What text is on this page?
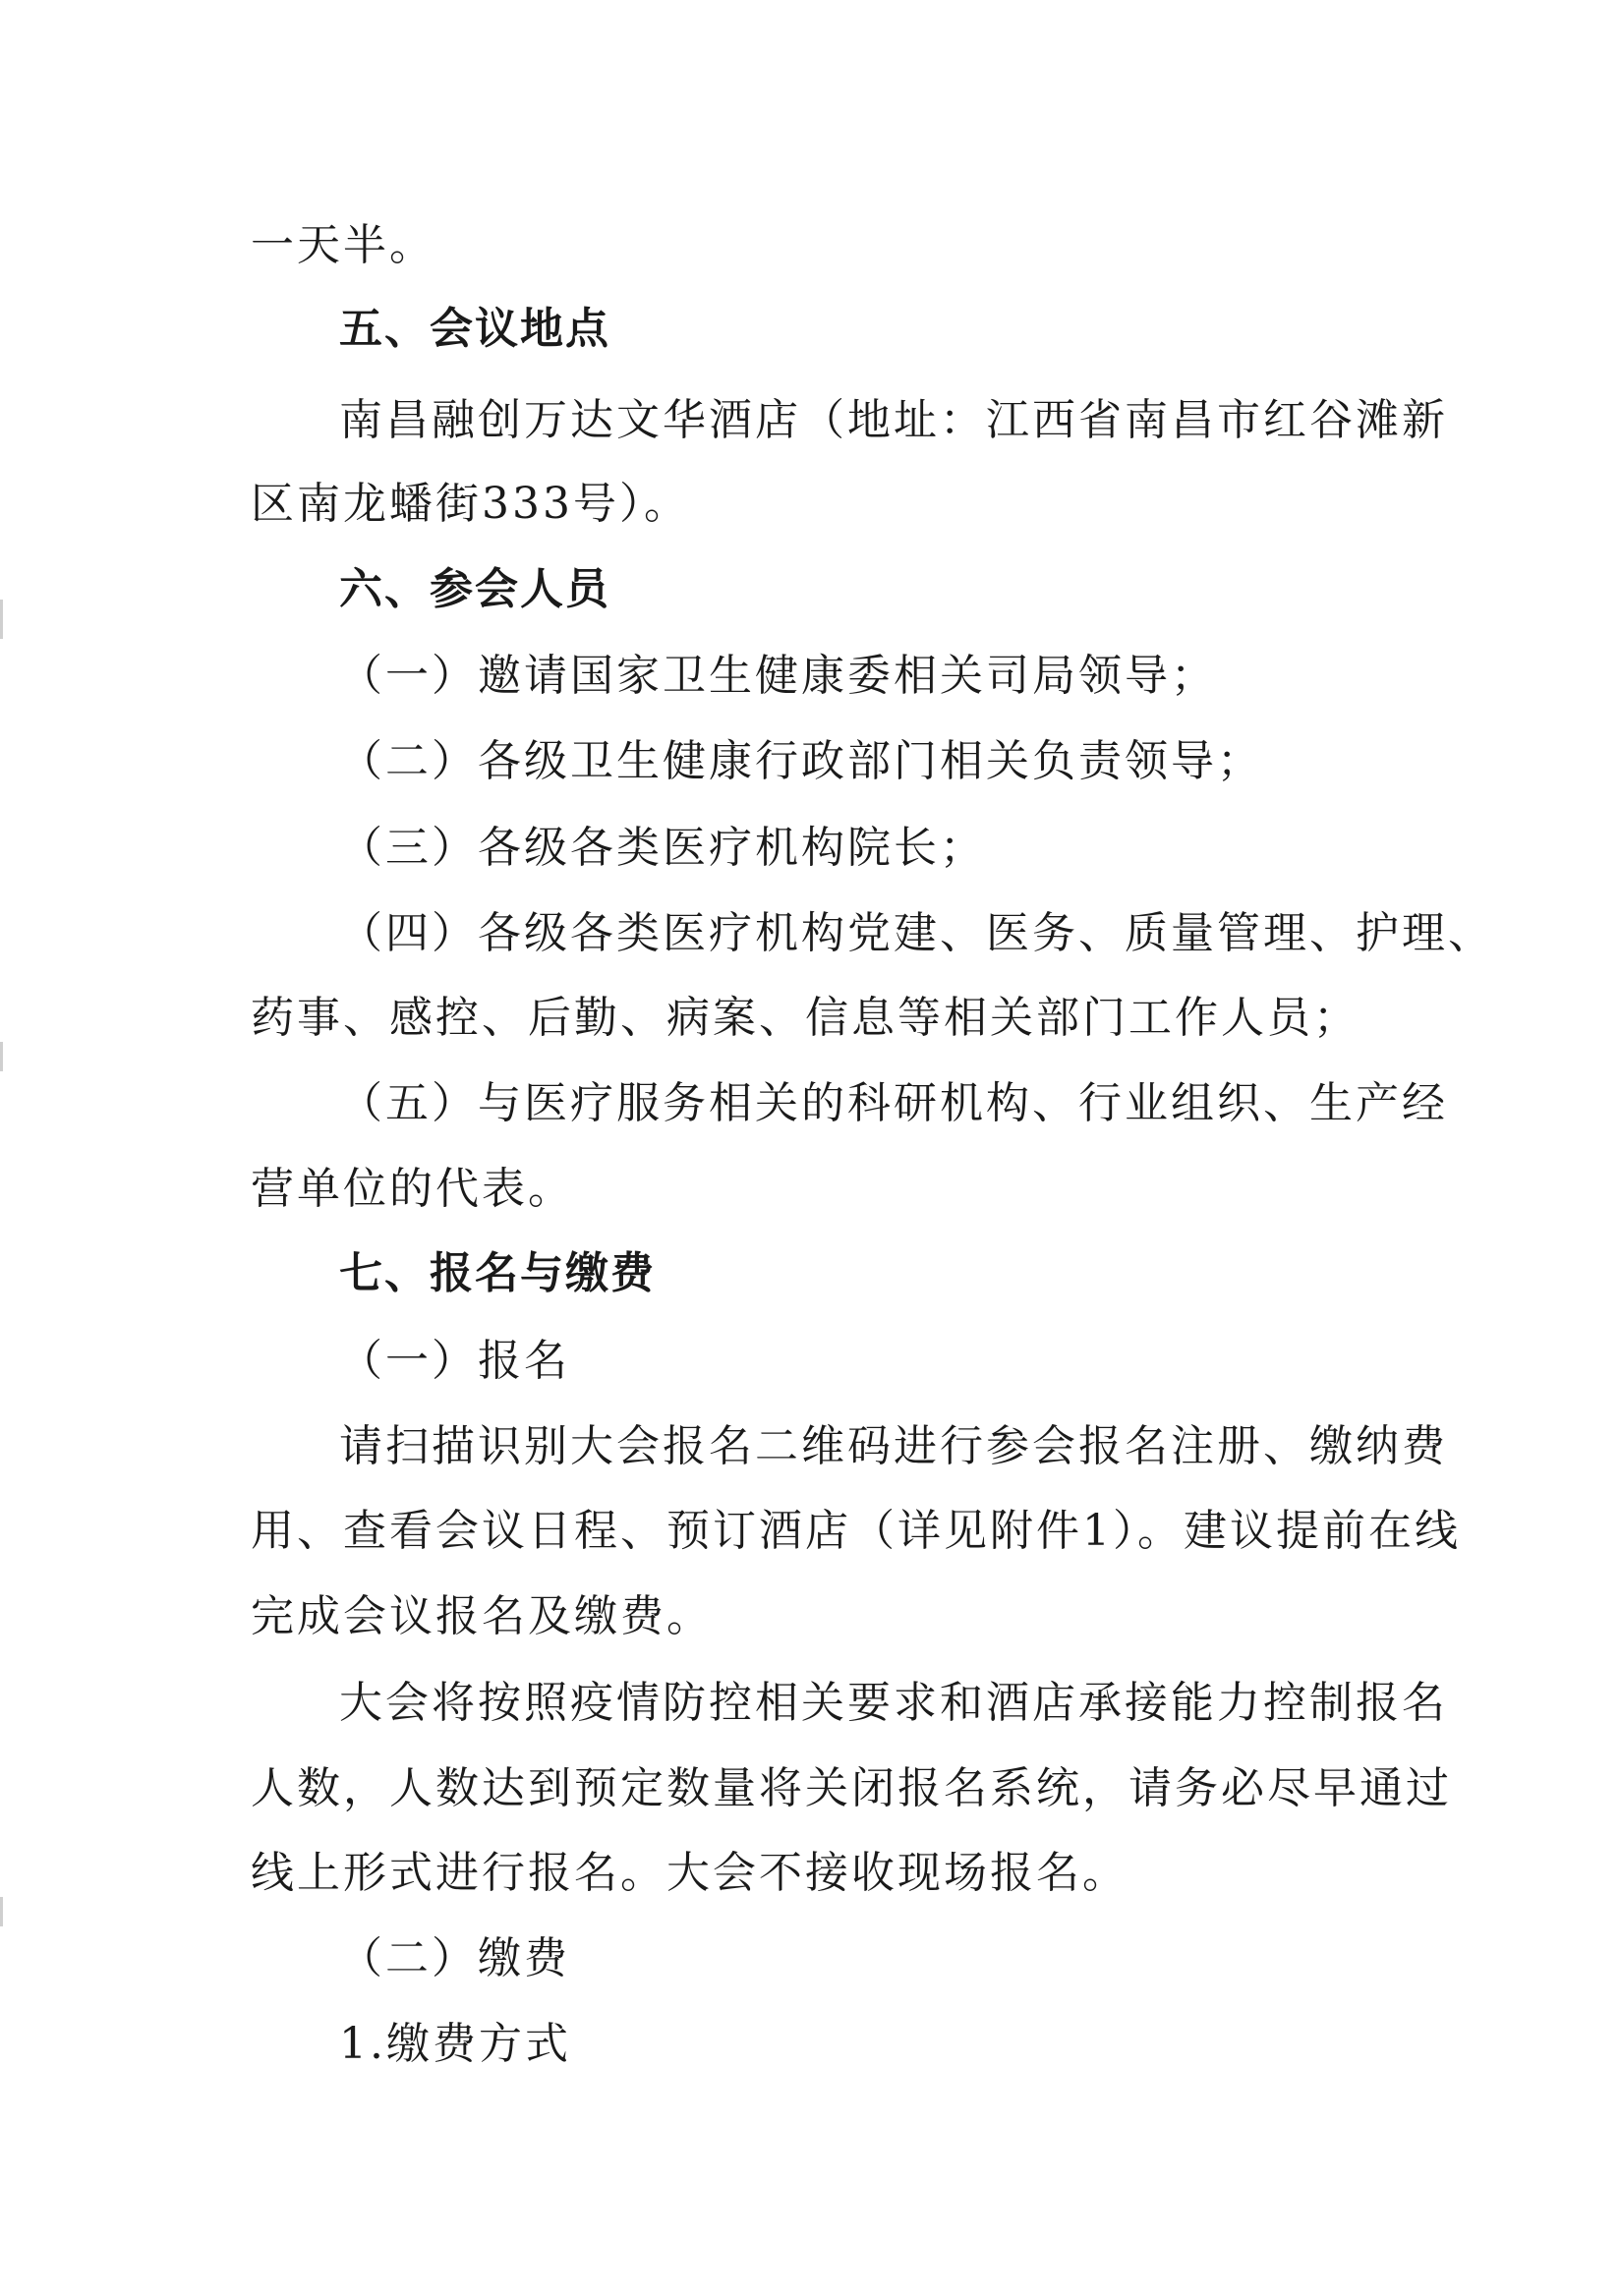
一天半。
五、会议地点
南昌融创万达文华酒店（地址：江西省南昌市红谷滩新
区南龙蟠街333号）。
六、参会人员
（一）邀请国家卫生健康委相关司局领导；
（二）各级卫生健康行政部门相关负责领导；
（三）各级各类医疗机构院长；
（四）各级各类医疗机构党建、医务、质量管理、护理、
药事、感控、后勤、病案、信息等相关部门工作人员；
（五）与医疗服务相关的科研机构、行业组织、生产经
营单位的代表。
七、报名与缴费
（一）报名
请扫描识别大会报名二维码进行参会报名注册、缴纳费
用、查看会议日程、预订酒店（详见附件1）。建议提前在线
完成会议报名及缴费。
大会将按照疫情防控相关要求和酒店承接能力控制报名
人数，人数达到预定数量将关闭报名系统，请务必尽早通过
线上形式进行报名。大会不接收现场报名。
（二）缴费
1.缴费方式
